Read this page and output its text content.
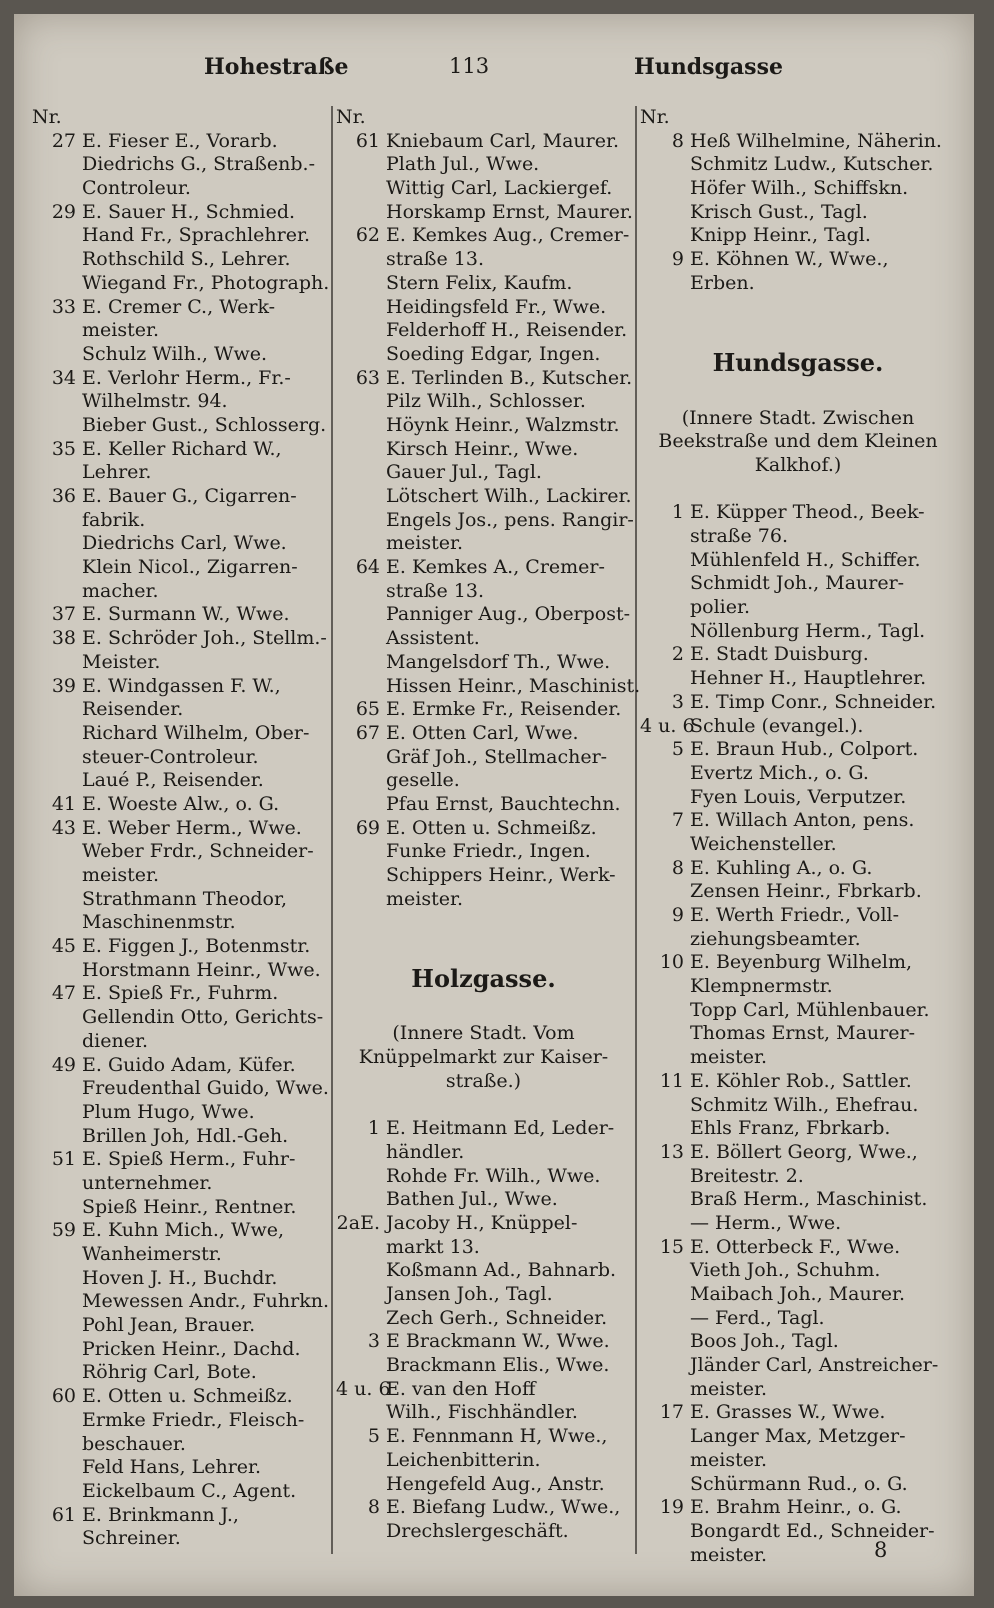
Hohestraße	113	Hundsgasse
Nr.
27 E. Fieser E., Vorarb.
Diedrichs G., Straßenb.-
Controleur.
29 E. Sauer H., Schmied.
Hand Fr., Sprachlehrer.
Rothschild S., Lehrer.
Wiegand Fr., Photograph.
33 E. Cremer C., Werk-
meister.
Schulz Wilh., Wwe.
34 E. Verlohr Herm., Fr.-
Wilhelmstr. 94.
Bieber Gust., Schlosserg.
35 E. Keller Richard W.,
Lehrer.
36 E. Bauer G., Cigarren-
fabrik.
Diedrichs Carl, Wwe.
Klein Nicol., Zigarren-
macher.
37 E. Surmann W., Wwe.
38 E. Schröder Joh., Stellm.-
Meister.
39 E. Windgassen F. W.,
Reisender.
Richard Wilhelm, Ober-
steuer-Controleur.
Laué P., Reisender.
41 E. Woeste Alw., o. G.
43 E. Weber Herm., Wwe.
Weber Frdr., Schneider-
meister.
Strathmann Theodor,
Maschinenmstr.
45 E. Figgen J., Botenmstr.
Horstmann Heinr., Wwe.
47 E. Spieß Fr., Fuhrm.
Gellendin Otto, Gerichts-
diener.
49 E. Guido Adam, Küfer.
Freudenthal Guido, Wwe.
Plum Hugo, Wwe.
Brillen Joh, Hdl.-Geh.
51 E. Spieß Herm., Fuhr-
unternehmer.
Spieß Heinr., Rentner.
59 E. Kuhn Mich., Wwe,
Wanheimerstr.
Hoven J. H., Buchdr.
Mewessen Andr., Fuhrkn.
Pohl Jean, Brauer.
Pricken Heinr., Dachd.
Röhrig Carl, Bote.
60 E. Otten u. Schmeißz.
Ermke Friedr., Fleisch-
beschauer.
Feld Hans, Lehrer.
Eickelbaum C., Agent.
61 E. Brinkmann J.,
Schreiner.
Nr.
61 Kniebaum Carl, Maurer.
Plath Jul., Wwe.
Wittig Carl, Lackiergef.
Horskamp Ernst, Maurer.
62 E. Kemkes Aug., Cremer-
straße 13.
Stern Felix, Kaufm.
Heidingsfeld Fr., Wwe.
Felderhoff H., Reisender.
Soeding Edgar, Ingen.
63 E. Terlinden B., Kutscher.
Pilz Wilh., Schlosser.
Höynk Heinr., Walzmstr.
Kirsch Heinr., Wwe.
Gauer Jul., Tagl.
Lötschert Wilh., Lackirer.
Engels Jos., pens. Rangir-
meister.
64 E. Kemkes A., Cremer-
straße 13.
Panniger Aug., Oberpost-
Assistent.
Mangelsdorf Th., Wwe.
Hissen Heinr., Maschinist.
65 E. Ermke Fr., Reisender.
67 E. Otten Carl, Wwe.
Gräf Joh., Stellmacher-
geselle.
Pfau Ernst, Bauchtechn.
69 E. Otten u. Schmeißz.
Funke Friedr., Ingen.
Schippers Heinr., Werk-
meister.
Holzgasse.
(Innere Stadt. Vom
Knüppelmarkt zur Kaiser-
straße.)
1 E. Heitmann Ed, Leder-
händler.
Rohde Fr. Wilh., Wwe.
Bathen Jul., Wwe.
2aE. Jacoby H., Knüppel-
markt 13.
Koßmann Ad., Bahnarb.
Jansen Joh., Tagl.
Zech Gerh., Schneider.
3 E Brackmann W., Wwe.
Brackmann Elis., Wwe.
4 u. 6
E. van den Hoff
Wilh., Fischhändler.
5 E. Fennmann H, Wwe.,
Leichenbitterin.
Hengefeld Aug., Anstr.
8 E. Biefang Ludw., Wwe.,
Drechslergeschäft.
Nr.
8 Heß Wilhelmine, Näherin.
Schmitz Ludw., Kutscher.
Höfer Wilh., Schiffskn.
Krisch Gust., Tagl.
Knipp Heinr., Tagl.
9 E. Köhnen W., Wwe.,
Erben.
Hundsgasse.
(Innere Stadt. Zwischen
Beekstraße und dem Kleinen
Kalkhof.)
1 E. Küpper Theod., Beek-
straße 76.
Mühlenfeld H., Schiffer.
Schmidt Joh., Maurer-
polier.
Nöllenburg Herm., Tagl.
2 E. Stadt Duisburg.
Hehner H., Hauptlehrer.
3 E. Timp Conr., Schneider.
4 u. 6
Schule (evangel.).
5 E. Braun Hub., Colport.
Evertz Mich., o. G.
Fyen Louis, Verputzer.
7 E. Willach Anton, pens.
Weichensteller.
8 E. Kuhling A., o. G.
Zensen Heinr., Fbrkarb.
9 E. Werth Friedr., Voll-
ziehungsbeamter.
10 E. Beyenburg Wilhelm,
Klempnermstr.
Topp Carl, Mühlenbauer.
Thomas Ernst, Maurer-
meister.
11 E. Köhler Rob., Sattler.
Schmitz Wilh., Ehefrau.
Ehls Franz, Fbrkarb.
13 E. Böllert Georg, Wwe.,
Breitestr. 2.
Braß Herm., Maschinist.
— Herm., Wwe.
15 E. Otterbeck F., Wwe.
Vieth Joh., Schuhm.
Maibach Joh., Maurer.
— Ferd., Tagl.
Boos Joh., Tagl.
Jländer Carl, Anstreicher-
meister.
17 E. Grasses W., Wwe.
Langer Max, Metzger-
meister.
Schürmann Rud., o. G.
19 E. Brahm Heinr., o. G.
Bongardt Ed., Schneider-
meister.	8
